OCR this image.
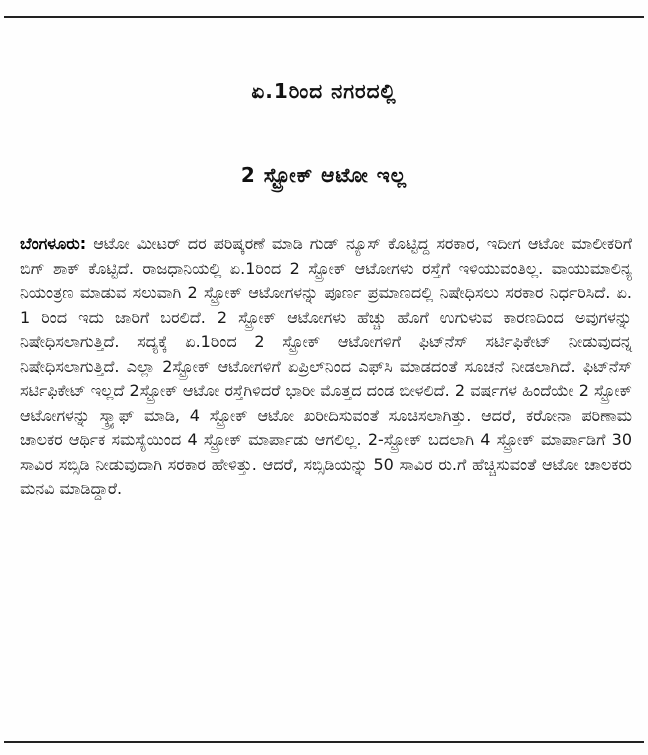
ಏ.1ರಿಂದ ನಗರದಲ್ಲಿ
2 ಸ್ಟ್ರೋಕ್ ಆಟೋ ಇಲ್ಲ

ಬೆಂಗಳೂರು: ಆಟೋ ಮೀಟರ್ ದರ ಪರಿಷ್ಕರಣೆ ಮಾಡಿ ಗುಡ್ ನ್ಯೂಸ್ ಕೊಟ್ಟಿದ್ದ ಸರಕಾರ, ಇದೀಗ ಆಟೋ ಮಾಲೀಕರಿಗೆ ಬಿಗ್ ಶಾಕ್ ಕೊಟ್ಟಿದೆ. ರಾಜಧಾನಿಯಲ್ಲಿ ಏ.1ರಿಂದ 2 ಸ್ಟ್ರೋಕ್ ಆಟೋಗಳು ರಸ್ತೆಗೆ ಇಳಿಯುವಂತಿಲ್ಲ. ವಾಯುಮಾಲಿನ್ಯ ನಿಯಂತ್ರಣ ಮಾಡುವ ಸಲುವಾಗಿ 2 ಸ್ಟ್ರೋಕ್ ಆಟೋಗಳನ್ನು ಪೂರ್ಣ ಪ್ರಮಾಣದಲ್ಲಿ ನಿಷೇಧಿಸಲು ಸರಕಾರ ನಿರ್ಧರಿಸಿದೆ. ಏ. 1 ರಿಂದ ಇದು ಜಾರಿಗೆ ಬರಲಿದೆ. 2 ಸ್ಟ್ರೋಕ್ ಆಟೋಗಳು ಹೆಚ್ಚು ಹೊಗೆ ಉಗುಳುವ ಕಾರಣದಿಂದ ಅವುಗಳನ್ನು ನಿಷೇಧಿಸಲಾಗುತ್ತಿದೆ. ಸದ್ಯಕ್ಕೆ ಏ.1ರಿಂದ 2 ಸ್ಟ್ರೋಕ್ ಆಟೋಗಳಿಗೆ ಫಿಟ್‌ನೆಸ್ ಸರ್ಟಿಫಿಕೇಟ್ ನೀಡುವುದನ್ನ ನಿಷೇಧಿಸಲಾಗುತ್ತಿದೆ. ಎಲ್ಲಾ 2ಸ್ಟ್ರೋಕ್ ಆಟೋಗಳಿಗೆ ಏಪ್ರಿಲ್‌ನಿಂದ ಎಫ್‌ಸಿ ಮಾಡದಂತೆ ಸೂಚನೆ ನೀಡಲಾಗಿದೆ. ಫಿಟ್‌ನೆಸ್ ಸರ್ಟಿಫಿಕೇಟ್ ಇಲ್ಲದೆ 2ಸ್ಟ್ರೋಕ್ ಆಟೋ ರಸ್ತೆಗಿಳಿದರೆ ಭಾರೀ ಮೊತ್ತದ ದಂಡ ಬೀಳಲಿದೆ. 2 ವರ್ಷಗಳ ಹಿಂದೆಯೇ 2 ಸ್ಟ್ರೋಕ್ ಆಟೋಗಳನ್ನು ಸ್ಕ್ರ್ಯಾಫ್ ಮಾಡಿ, 4 ಸ್ಟ್ರೋಕ್ ಆಟೋ ಖರೀದಿಸುವಂತೆ ಸೂಚಿಸಲಾಗಿತ್ತು. ಆದರೆ, ಕರೋನಾ ಪರಿಣಾಮ ಚಾಲಕರ ಆರ್ಥಿಕ ಸಮಸ್ಯೆಯಿಂದ 4 ಸ್ಟ್ರೋಕ್ ಮಾರ್ಪಾಡು ಆಗಲಿಲ್ಲ. 2-ಸ್ಟ್ರೋಕ್ ಬದಲಾಗಿ 4 ಸ್ಟ್ರೋಕ್ ಮಾರ್ಪಾಡಿಗೆ 30 ಸಾವಿರ ಸಬ್ಸಿಡಿ ನೀಡುವುದಾಗಿ ಸರಕಾರ ಹೇಳಿತ್ತು. ಆದರೆ, ಸಬ್ಸಿಡಿಯನ್ನು 50 ಸಾವಿರ ರು.ಗೆ ಹೆಚ್ಚಿಸುವಂತೆ ಆಟೋ ಚಾಲಕರು ಮನವಿ ಮಾಡಿದ್ದಾರೆ.
